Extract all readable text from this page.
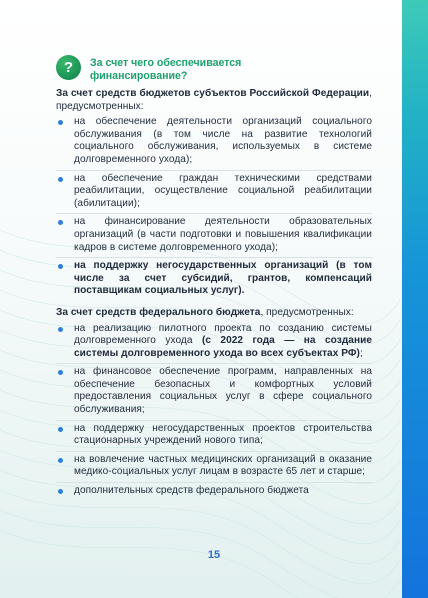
?	За счет чего обеспечивается финансирование?

За счет средств бюджетов субъектов Российской Федерации, предусмотренных:

на обеспечение деятельности организаций социального обслуживания (в том числе на развитие технологий социального обслуживания, используемых в системе долговременного ухода);
на обеспечение граждан техническими средствами реабилитации, осуществление социальной реабилитации (абилитации);
на финансирование деятельности образовательных организаций (в части подготовки и повышения квалификации кадров в системе долговременного ухода);
на поддержку негосударственных организаций (в том числе за счет субсидий, грантов, компенсаций поставщикам социальных услуг).

За счет средств федерального бюджета, предусмотренных:

на реализацию пилотного проекта по созданию системы долговременного ухода (с 2022 года — на создание системы долговременного ухода во всех субъектах РФ);
на финансовое обеспечение программ, направленных на обеспечение безопасных и комфортных условий предоставления социальных услуг в сфере социального обслуживания;
на поддержку негосударственных проектов строительства стационарных учреждений нового типа;
на вовлечение частных медицинских организаций в оказание медико-социальных услуг лицам в возрасте 65 лет и старше;
дополнительных средств федерального бюджета
15
